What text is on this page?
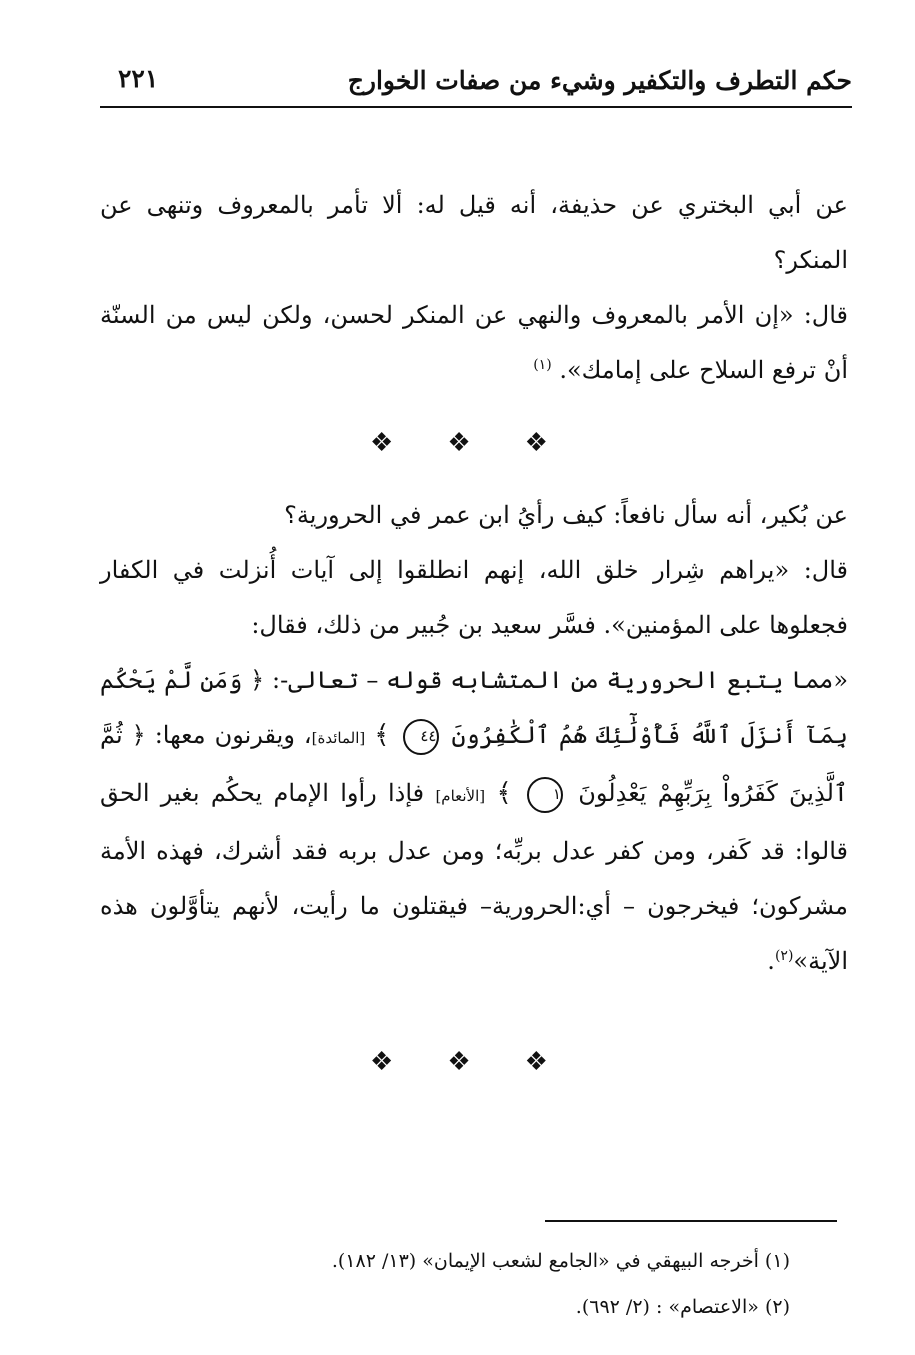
حكم التطرف والتكفير وشيء من صفات الخوارج
٢٢١

عن أبي البختري عن حذيفة، أنه قيل له: ألا تأمر بالمعروف وتنهى عن المنكر؟

قال: «إن الأمر بالمعروف والنهي عن المنكر لحسن، ولكن ليس من السنّة أنْ ترفع السلاح على إمامك». $^{(١)}$

❖ ❖ ❖

عن بُكير، أنه سأل نافعاً: كيف رأيُ ابن عمر في الحرورية؟

قال: «يراهم شِرار خلق الله، إنهم انطلقوا إلى آيات أُنزلت في الكفار فجعلوها على المؤمنين». فسَّر سعيد بن جُبير من ذلك، فقال:

«مما يتبع الحرورية من المتشابه قوله – تعالى-: ﴿ وَمَن لَّمْ يَحْكُم بِمَآ أَنزَلَ ٱللَّهُ فَأُوْلَٰٓئِكَ هُمُ ٱلْكَٰفِرُونَ ٤٤ ﴾ [المائدة]، ويقرنون معها: ﴿ ثُمَّ ٱلَّذِينَ كَفَرُواْ بِرَبِّهِمْ يَعْدِلُونَ ١ ﴾ [الأنعام] فإذا رأوا الإمام يحكُم بغير الحق قالوا: قد كَفر، ومن كفر عدل بربِّه؛ ومن عدل بربه فقد أشرك، فهذه الأمة مشركون؛ فيخرجون – أي:الحرورية– فيقتلون ما رأيت، لأنهم يتأوَّلون هذه الآية»$^{(٢)}$.

❖ ❖ ❖

(١) أخرجه البيهقي في «الجامع لشعب الإيمان» (١٣/ ١٨٢).

(٢) «الاعتصام» : (٢/ ٦٩٢).
